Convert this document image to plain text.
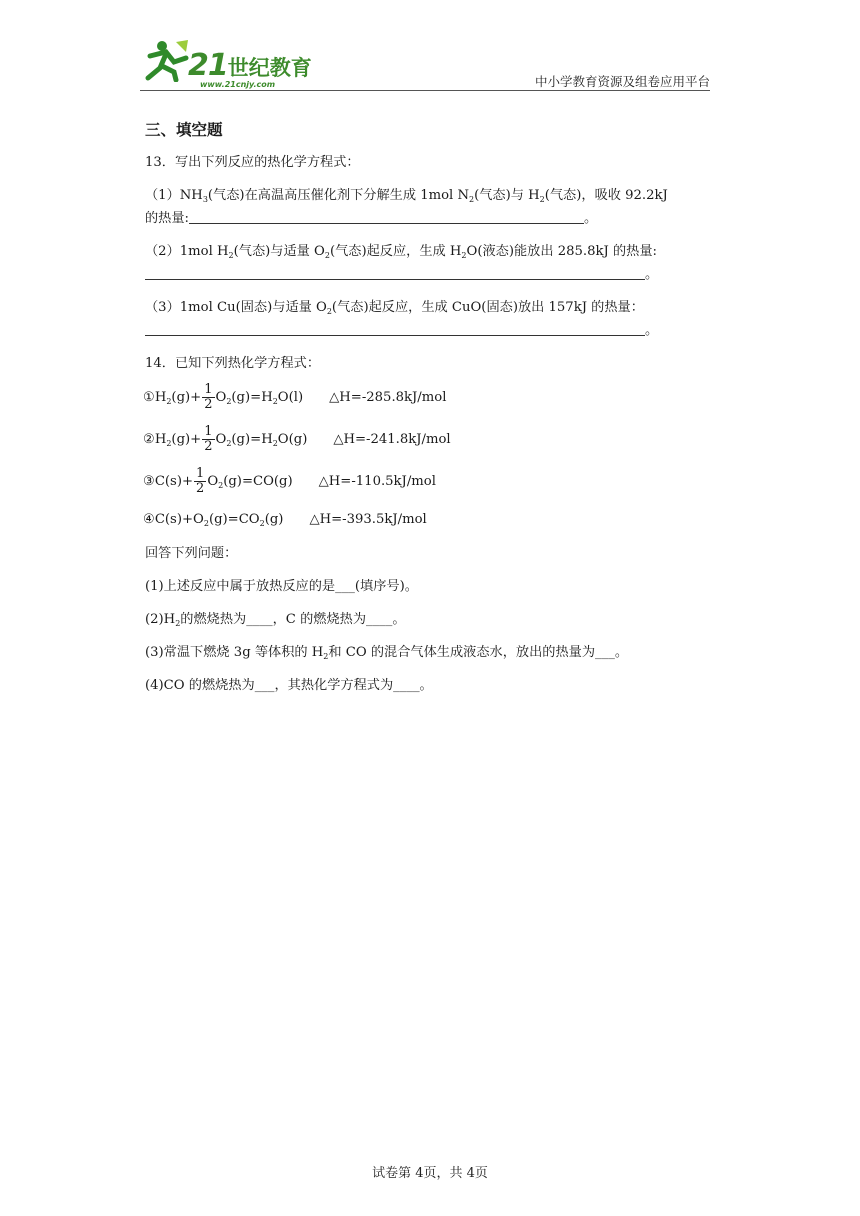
21世纪教育
www.21cnjy.com	中小学教育资源及组卷应用平台
三、填空题
13．写出下列反应的热化学方程式：
$(1)NH_3$(气态)在高温高压催化剂下分解生成 1mol $N_2$(气态)与 $H_2$(气态)，吸收 92.2kJ
的热量:	。
（2）1mol $H_2$(气态)与适量 $O_2$(气态)起反应，生成 $H_2O$(液态)能放出 285.8kJ 的热量:
。
（3）1mol Cu(固态)与适量 $O_2$(气态)起反应，生成 CuO(固态)放出 157kJ 的热量：
。
14．已知下列热化学方程式：
$①H_2(g)+ \frac{1}{2} O_2(g)=H_2O(l)$ △H=-285.8kJ/mol
$②H_2(g)+ \frac{1}{2} O_2(g)=H_2O(g)$ △H=-241.8kJ/mol
③C(s)+ $\frac{1}{2} O_2(g)=CO(g)$ △H=-110.5kJ/mol
$④C(s)+O_2(g)=CO_2(g)$ △H=-393.5kJ/mol
回答下列问题：
(1)上述反应中属于放热反应的是___(填序号)。
$(2)H_2$的燃烧热为____，C 的燃烧热为____。
(3)常温下燃烧 3g 等体积的 $H_2$和 CO 的混合气体生成液态水，放出的热量为___。
(4)CO 的燃烧热为___，其热化学方程式为____。
试卷第 4页，共 4页
